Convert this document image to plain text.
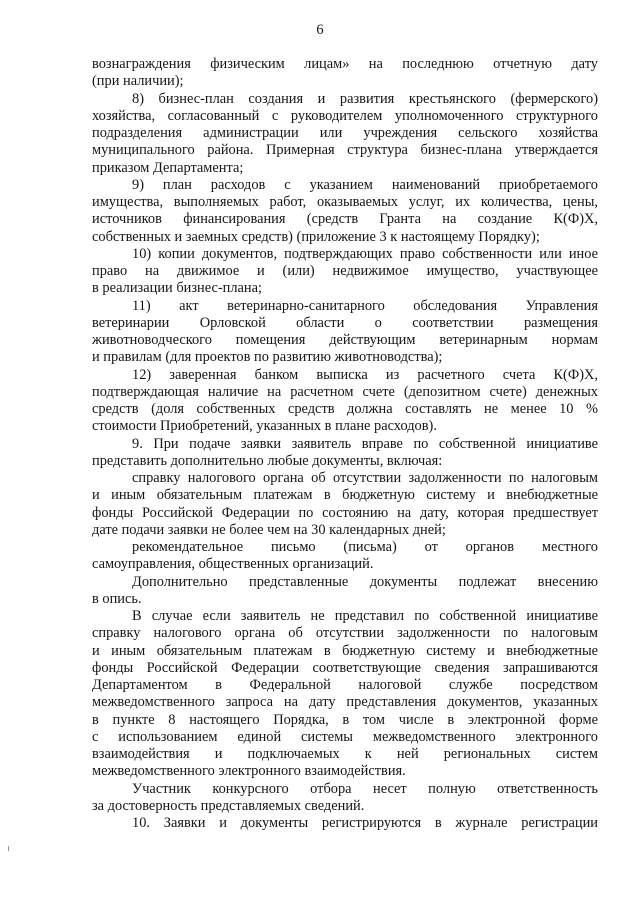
6
вознаграждения физическим лицам» на последнюю отчетную дату
(при наличии);
8) бизнес-план создания и развития крестьянского (фермерского)
хозяйства, согласованный с руководителем уполномоченного структурного
подразделения администрации или учреждения сельского хозяйства
муниципального района. Примерная структура бизнес-плана утверждается
приказом Департамента;
9) план расходов с указанием наименований приобретаемого
имущества, выполняемых работ, оказываемых услуг, их количества, цены,
источников финансирования (средств Гранта на создание К(Ф)Х,
собственных и заемных средств) (приложение 3 к настоящему Порядку);
10) копии документов, подтверждающих право собственности или иное
право на движимое и (или) недвижимое имущество, участвующее
в реализации бизнес-плана;
11) акт ветеринарно-санитарного обследования Управления
ветеринарии Орловской области о соответствии размещения
животноводческого помещения действующим ветеринарным нормам
и правилам (для проектов по развитию животноводства);
12) заверенная банком выписка из расчетного счета К(Ф)Х,
подтверждающая наличие на расчетном счете (депозитном счете) денежных
средств (доля собственных средств должна составлять не менее 10 %
стоимости Приобретений, указанных в плане расходов).
9. При подаче заявки заявитель вправе по собственной инициативе
представить дополнительно любые документы, включая:
справку налогового органа об отсутствии задолженности по налоговым
и иным обязательным платежам в бюджетную систему и внебюджетные
фонды Российской Федерации по состоянию на дату, которая предшествует
дате подачи заявки не более чем на 30 календарных дней;
рекомендательное письмо (письма) от органов местного
самоуправления, общественных организаций.
Дополнительно представленные документы подлежат внесению
в опись.
В случае если заявитель не представил по собственной инициативе
справку налогового органа об отсутствии задолженности по налоговым
и иным обязательным платежам в бюджетную систему и внебюджетные
фонды Российской Федерации соответствующие сведения запрашиваются
Департаментом в Федеральной налоговой службе посредством
межведомственного запроса на дату представления документов, указанных
в пункте 8 настоящего Порядка, в том числе в электронной форме
с использованием единой системы межведомственного электронного
взаимодействия и подключаемых к ней региональных систем
межведомственного электронного взаимодействия.
Участник конкурсного отбора несет полную ответственность
за достоверность представляемых сведений.
10. Заявки и документы регистрируются в журнале регистрации
